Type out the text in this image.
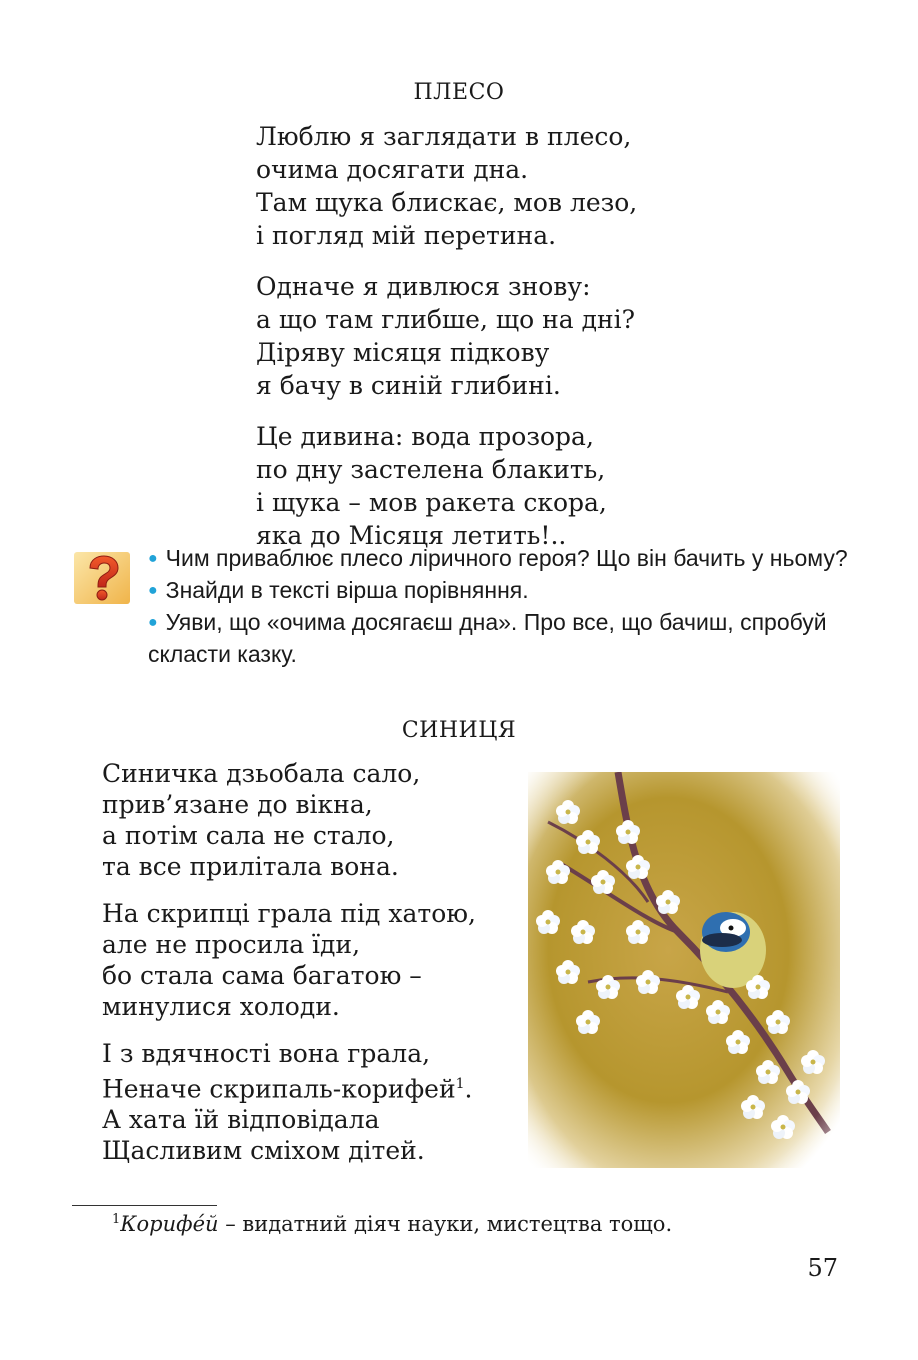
ПЛЕСО
Люблю я заглядати в плесо,
очима досягати дна.
Там щука блискає, мов лезо,
і погляд мій перетина.
Одначе я дивлюся знову:
а що там глибше, що на дні?
Діряву місяця підкову
я бачу в синій глибині.
Це дивина: вода прозора,
по дну застелена блакить,
і щука – мов ракета скора,
яка до Місяця летить!..
● Чим приваблює плесо ліричного героя? Що він бачить у ньому?
● Знайди в тексті вірша порівняння.
● Уяви, що «очима досягаєш дна». Про все, що бачиш, спробуй скласти казку.
СИНИЦЯ
Синичка дзьобала сало,
прив’язане до вікна,
а потім сала не стало,
та все прилітала вона.
На скрипці грала під хатою,
але не просила їди,
бо стала сама багатою –
минулися холоди.
І з вдячності вона грала,
Неначе скрипаль-корифей$^1$.
А хата їй відповідала
Щасливим сміхом дітей.
$^1$Корифéй – видатний діяч науки, мистецтва тощо.
57
